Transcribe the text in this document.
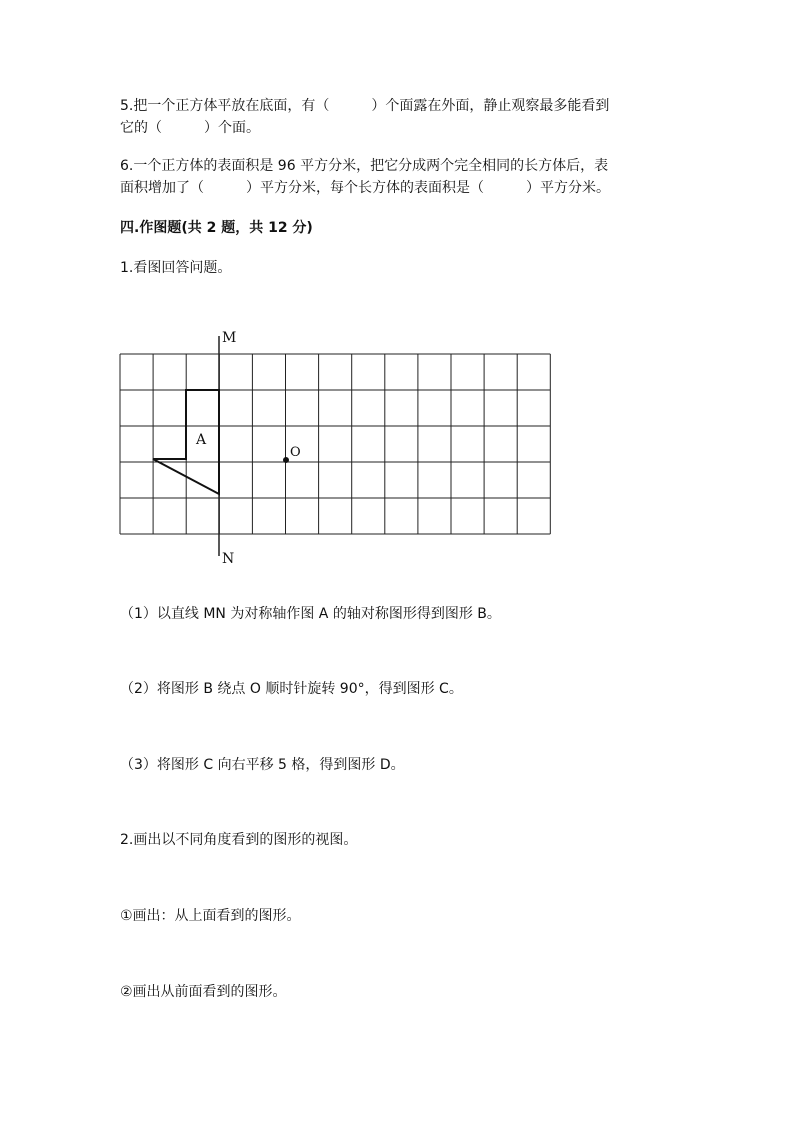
5.把一个正方体平放在底面，有（　　　）个面露在外面，静止观察最多能看到
它的（　　　）个面。
6.一个正方体的表面积是 96 平方分米，把它分成两个完全相同的长方体后，表
面积增加了（　　　）平方分米，每个长方体的表面积是（　　　）平方分米。
四.作图题(共 2 题，共 12 分)
1.看图回答问题。
M
N
A
O
（1）以直线 MN 为对称轴作图 A 的轴对称图形得到图形 B。
（2）将图形 B 绕点 O 顺时针旋转 90°，得到图形 C。
（3）将图形 C 向右平移 5 格，得到图形 D。
2.画出以不同角度看到的图形的视图。
①画出：从上面看到的图形。
②画出从前面看到的图形。
